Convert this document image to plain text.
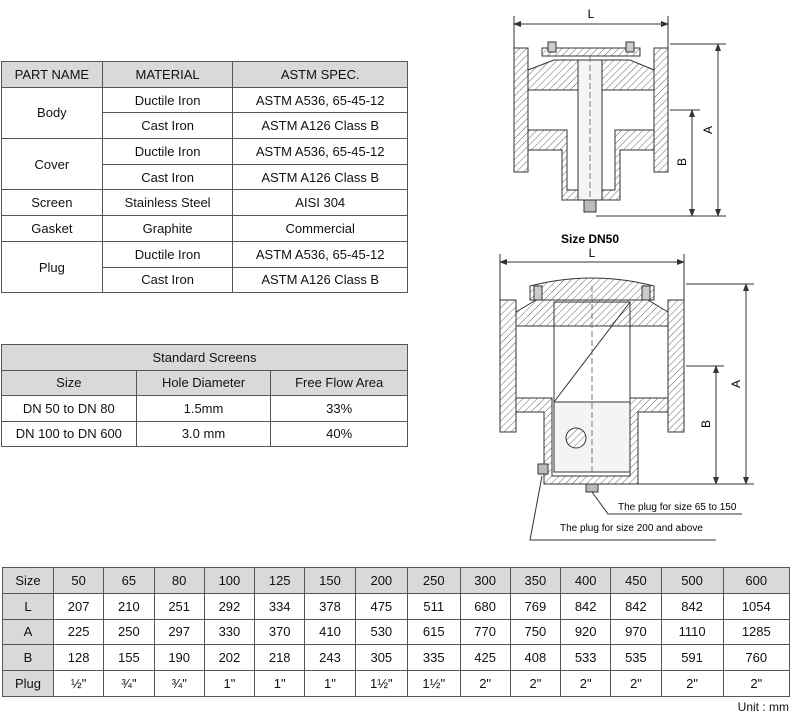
PART NAME	MATERIAL	ASTM SPEC.
Body	Ductile Iron	ASTM A536, 65-45-12
	Cast Iron	ASTM A126 Class B
Cover	Ductile Iron	ASTM A536, 65-45-12
	Cast Iron	ASTM A126 Class B
Screen	Stainless Steel	AISI 304
Gasket	Graphite	Commercial
Plug	Ductile Iron	ASTM A536, 65-45-12
	Cast Iron	ASTM A126 Class B
Standard Screens		
Size	Hole Diameter	Free Flow Area
DN 50 to DN 80	1.5mm	33%
DN 100 to DN 600	3.0 mm	40%
Size	50	65	80	100	125	150	200	250	300	350	400	450	500	600
L	207	210	251	292	334	378	475	511	680	769	842	842	842	1054
A	225	250	297	330	370	410	530	615	770	750	920	970	1110	1285
B	128	155	190	202	218	243	305	335	425	408	533	535	591	760
Plug	½"	¾"	¾"	1"	1"	1"	1½"	1½"	2"	2"	2"	2"	2"	2"
Unit : mm
L
A
B
Size DN50
L
A
B
The plug for size 65 to 150
The plug for size 200 and above
